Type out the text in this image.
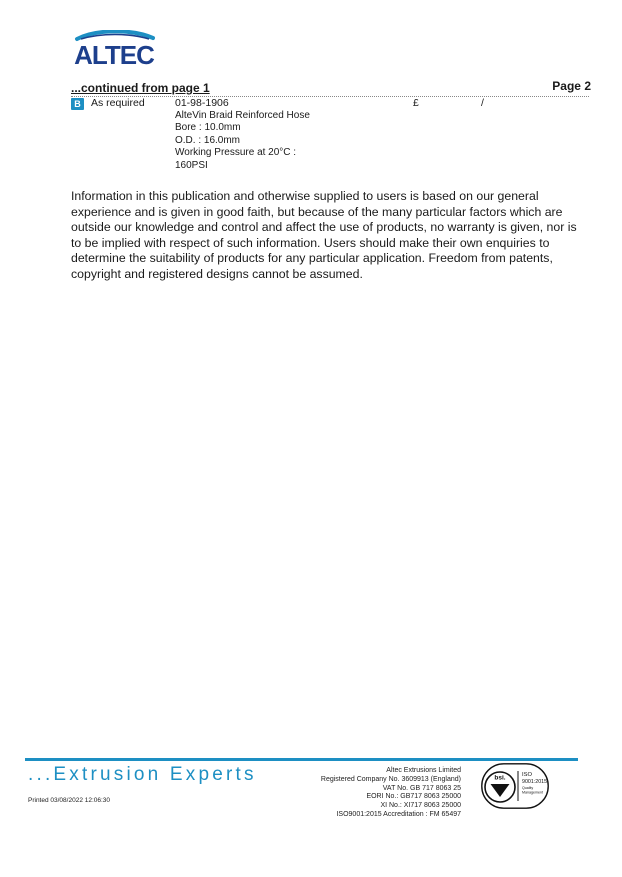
ALTEC
...continued from page 1	Page 2
B As required	01-98-1906
AlteVin Braid Reinforced Hose
Bore : 10.0mm
O.D. : 16.0mm
Working Pressure at 20°C :
160PSI
£	/
Information in this publication and otherwise supplied to users is based on our general experience and is given in good faith, but because of the many particular factors which are outside our knowledge and control and affect the use of products, no warranty is given, nor is to be implied with respect of such information. Users should make their own enquiries to determine the suitability of products for any particular application. Freedom from patents, copyright and registered designs cannot be assumed.
...Extrusion Experts
Printed 03/08/2022 12:06:30
Altec Extrusions Limited
Registered Company No. 3609913 (England)
VAT No. GB 717 8063 25
EORI No.: GB717 8063 25000
XI No.: XI717 8063 25000
ISO9001:2015 Accreditation : FM 65497
bsi.	ISO
9001:2015
Quality
Management
